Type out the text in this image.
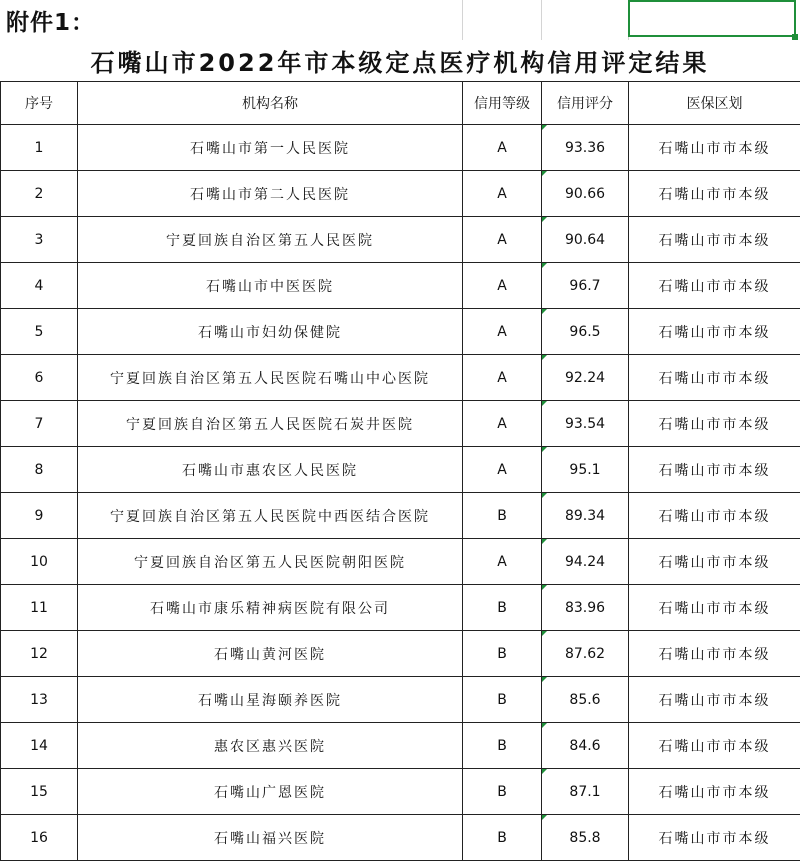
附件1：
石嘴山市2022年市本级定点医疗机构信用评定结果
序号	机构名称	信用等级	信用评分	医保区划
1	石嘴山市第一人民医院	A	93.36	石嘴山市市本级
2	石嘴山市第二人民医院	A	90.66	石嘴山市市本级
3	宁夏回族自治区第五人民医院	A	90.64	石嘴山市市本级
4	石嘴山市中医医院	A	96.7	石嘴山市市本级
5	石嘴山市妇幼保健院	A	96.5	石嘴山市市本级
6	宁夏回族自治区第五人民医院石嘴山中心医院	A	92.24	石嘴山市市本级
7	宁夏回族自治区第五人民医院石炭井医院	A	93.54	石嘴山市市本级
8	石嘴山市惠农区人民医院	A	95.1	石嘴山市市本级
9	宁夏回族自治区第五人民医院中西医结合医院	B	89.34	石嘴山市市本级
10	宁夏回族自治区第五人民医院朝阳医院	A	94.24	石嘴山市市本级
11	石嘴山市康乐精神病医院有限公司	B	83.96	石嘴山市市本级
12	石嘴山黄河医院	B	87.62	石嘴山市市本级
13	石嘴山星海颐养医院	B	85.6	石嘴山市市本级
14	惠农区惠兴医院	B	84.6	石嘴山市市本级
15	石嘴山广恩医院	B	87.1	石嘴山市市本级
16	石嘴山福兴医院	B	85.8	石嘴山市市本级
